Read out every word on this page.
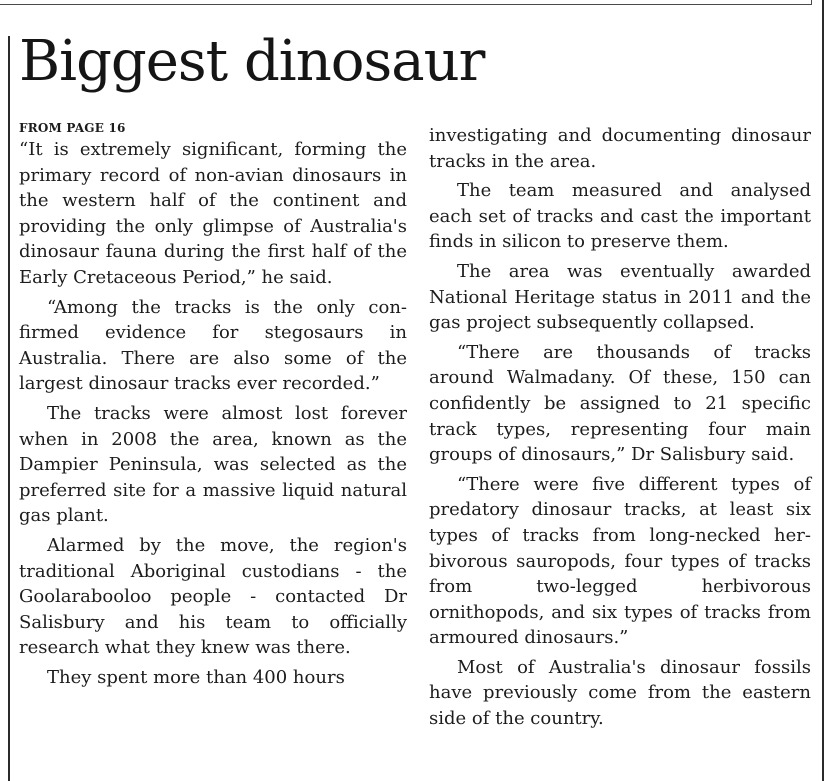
Biggest dinosaur

FROM PAGE 16

“It is extremely significant, forming the primary record of non-avian dinosaurs in the western half of the continent and providing the only glimpse of Australia's dinosaur fauna during the first half of the Early Cretaceous Period,” he said.

“Among the tracks is the only confirmed evidence for stegosaurs in Australia. There are also some of the largest dinosaur tracks ever recorded.”

The tracks were almost lost forever when in 2008 the area, known as the Dampier Peninsula, was selected as the preferred site for a massive liquid natural gas plant.

Alarmed by the move, the region's traditional Aboriginal custodians - the Goolarabooloo people - contacted Dr Salisbury and his team to officially research what they knew was there.

They spent more than 400 hours

investigating and documenting dinosaur tracks in the area.

The team measured and analysed each set of tracks and cast the important finds in silicon to preserve them.

The area was eventually awarded National Heritage status in 2011 and the gas project subsequently collapsed.

“There are thousands of tracks around Walmadany. Of these, 150 can confidently be assigned to 21 specific track types, representing four main groups of dinosaurs,” Dr Salisbury said.

“There were five different types of predatory dinosaur tracks, at least six types of tracks from long-necked herbivorous sauropods, four types of tracks from two-legged herbivorous ornithopods, and six types of tracks from armoured dinosaurs.”

Most of Australia's dinosaur fossils have previously come from the eastern side of the country.
